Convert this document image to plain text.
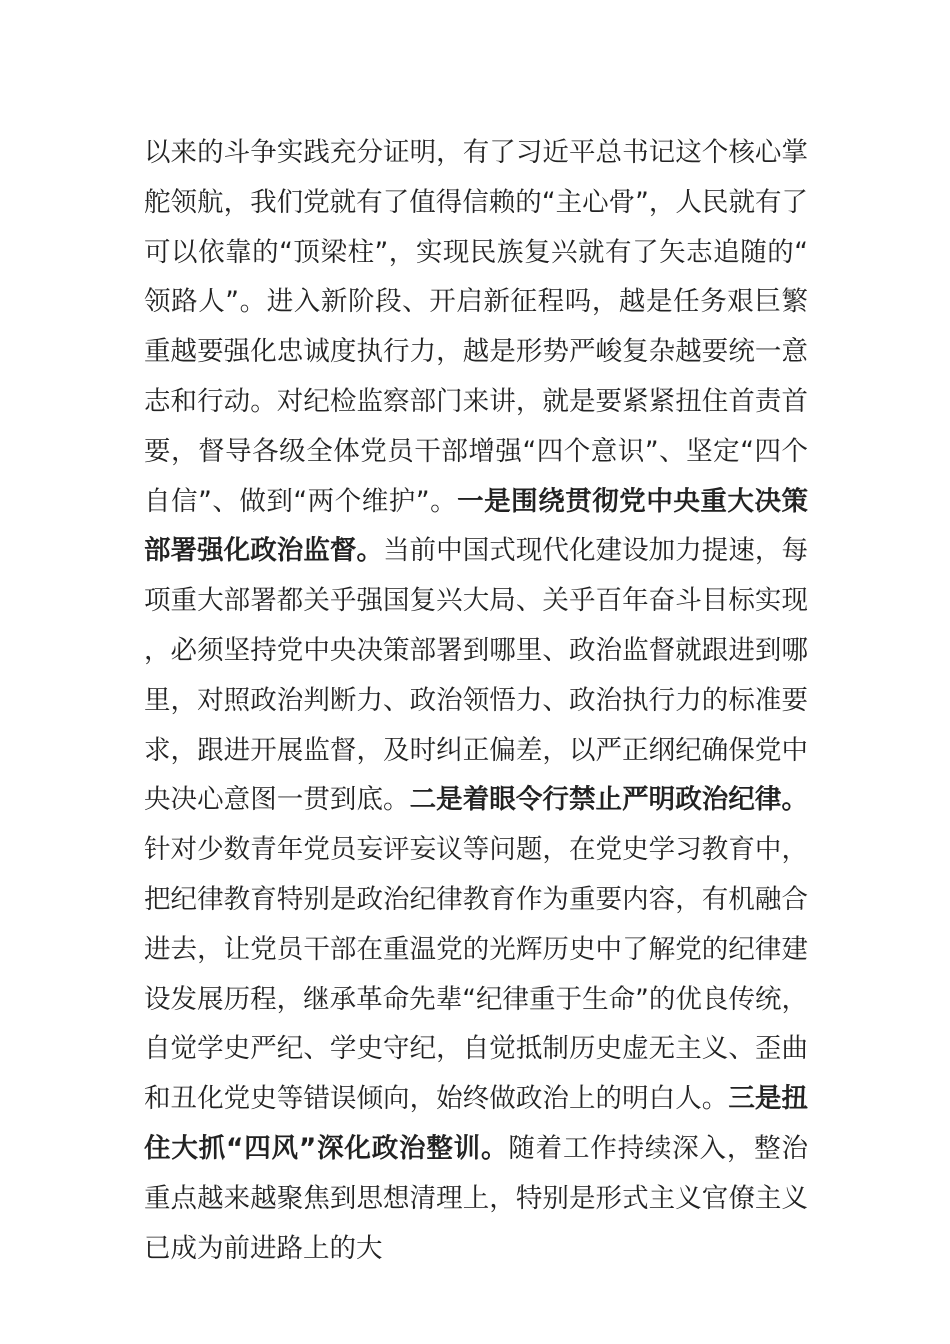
以来的斗争实践充分证明，有了习近平总书记这个核心掌舵领航，我们党就有了值得信赖的“主心骨”，人民就有了可以依靠的“顶梁柱”，实现民族复兴就有了矢志追随的“领路人”。进入新阶段、开启新征程吗，越是任务艰巨繁重越要强化忠诚度执行力，越是形势严峻复杂越要统一意志和行动。对纪检监察部门来讲，就是要紧紧扭住首责首要，督导各级全体党员干部增强“四个意识”、坚定“四个自信”、做到“两个维护”。一是围绕贯彻党中央重大决策部署强化政治监督。当前中国式现代化建设加力提速，每项重大部署都关乎强国复兴大局、关乎百年奋斗目标实现，必须坚持党中央决策部署到哪里、政治监督就跟进到哪里，对照政治判断力、政治领悟力、政治执行力的标准要求，跟进开展监督，及时纠正偏差，以严正纲纪确保党中央决心意图一贯到底。二是着眼令行禁止严明政治纪律。针对少数青年党员妄评妄议等问题，在党史学习教育中，把纪律教育特别是政治纪律教育作为重要内容，有机融合进去，让党员干部在重温党的光辉历史中了解党的纪律建设发展历程，继承革命先辈“纪律重于生命”的优良传统，自觉学史严纪、学史守纪，自觉抵制历史虚无主义、歪曲和丑化党史等错误倾向，始终做政治上的明白人。三是扭住大抓“四风”深化政治整训。随着工作持续深入，整治重点越来越聚焦到思想清理上，特别是形式主义官僚主义已成为前进路上的大
